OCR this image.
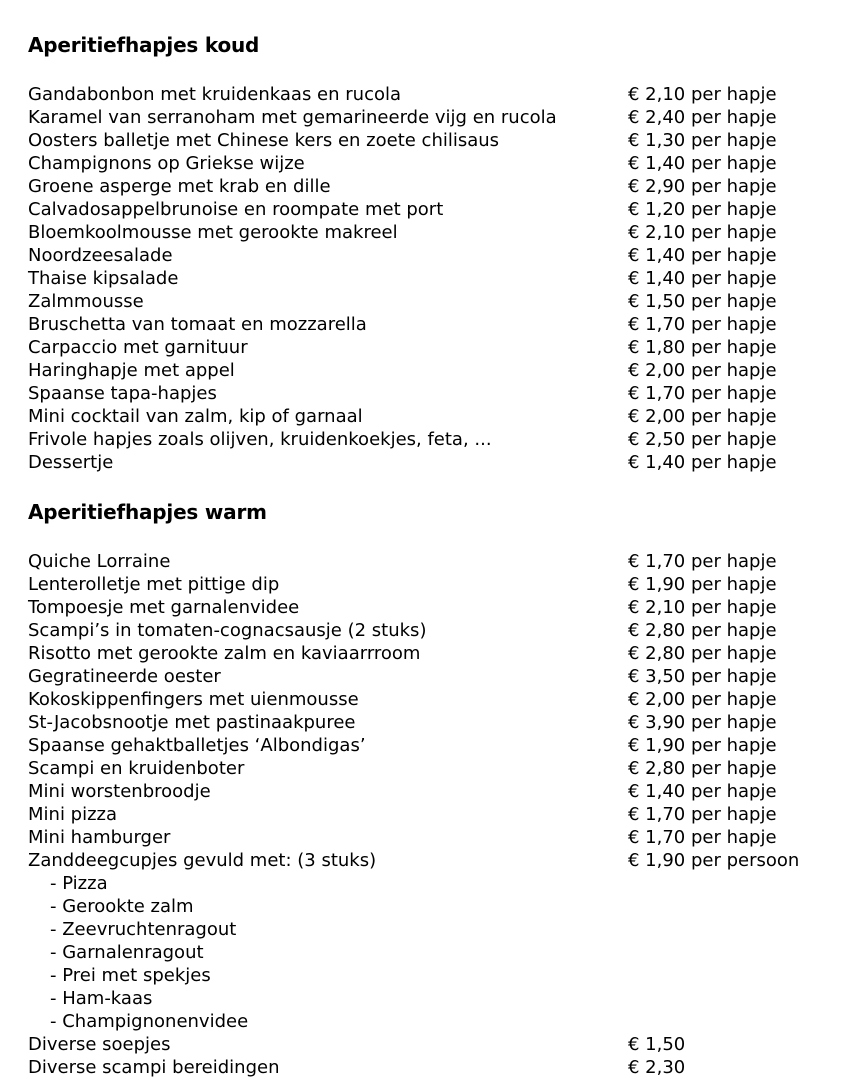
Aperitiefhapjes koud
Gandabonbon met kruidenkaas en rucola	€ 2,10 per hapje
Karamel van serranoham met gemarineerde vijg en rucola	€ 2,40 per hapje
Oosters balletje met Chinese kers en zoete chilisaus	€ 1,30 per hapje
Champignons op Griekse wijze	€ 1,40 per hapje
Groene asperge met krab en dille	€ 2,90 per hapje
Calvadosappelbrunoise en roompate met port	€ 1,20 per hapje
Bloemkoolmousse met gerookte makreel	€ 2,10 per hapje
Noordzeesalade	€ 1,40 per hapje
Thaise kipsalade	€ 1,40 per hapje
Zalmmousse	€ 1,50 per hapje
Bruschetta van tomaat en mozzarella	€ 1,70 per hapje
Carpaccio met garnituur	€ 1,80 per hapje
Haringhapje met appel	€ 2,00 per hapje
Spaanse tapa-hapjes	€ 1,70 per hapje
Mini cocktail van zalm, kip of garnaal	€ 2,00 per hapje
Frivole hapjes zoals olijven, kruidenkoekjes, feta, ...	€ 2,50 per hapje
Dessertje	€ 1,40 per hapje
Aperitiefhapjes warm
Quiche Lorraine	€ 1,70 per hapje
Lenterolletje met pittige dip	€ 1,90 per hapje
Tompoesje met garnalenvidee	€ 2,10 per hapje
Scampi’s in tomaten-cognacsausje (2 stuks)	€ 2,80 per hapje
Risotto met gerookte zalm en kaviaarrroom	€ 2,80 per hapje
Gegratineerde oester	€ 3,50 per hapje
Kokoskippenfingers met uienmousse	€ 2,00 per hapje
St-Jacobsnootje met pastinaakpuree	€ 3,90 per hapje
Spaanse gehaktballetjes ‘Albondigas’	€ 1,90 per hapje
Scampi en kruidenboter	€ 2,80 per hapje
Mini worstenbroodje	€ 1,40 per hapje
Mini pizza	€ 1,70 per hapje
Mini hamburger	€ 1,70 per hapje
Zanddeegcupjes gevuld met: (3 stuks)	€ 1,90 per persoon
- Pizza
- Gerookte zalm
- Zeevruchtenragout
- Garnalenragout
- Prei met spekjes
- Ham-kaas
- Champignonenvidee
Diverse soepjes	€ 1,50
Diverse scampi bereidingen	€ 2,30
